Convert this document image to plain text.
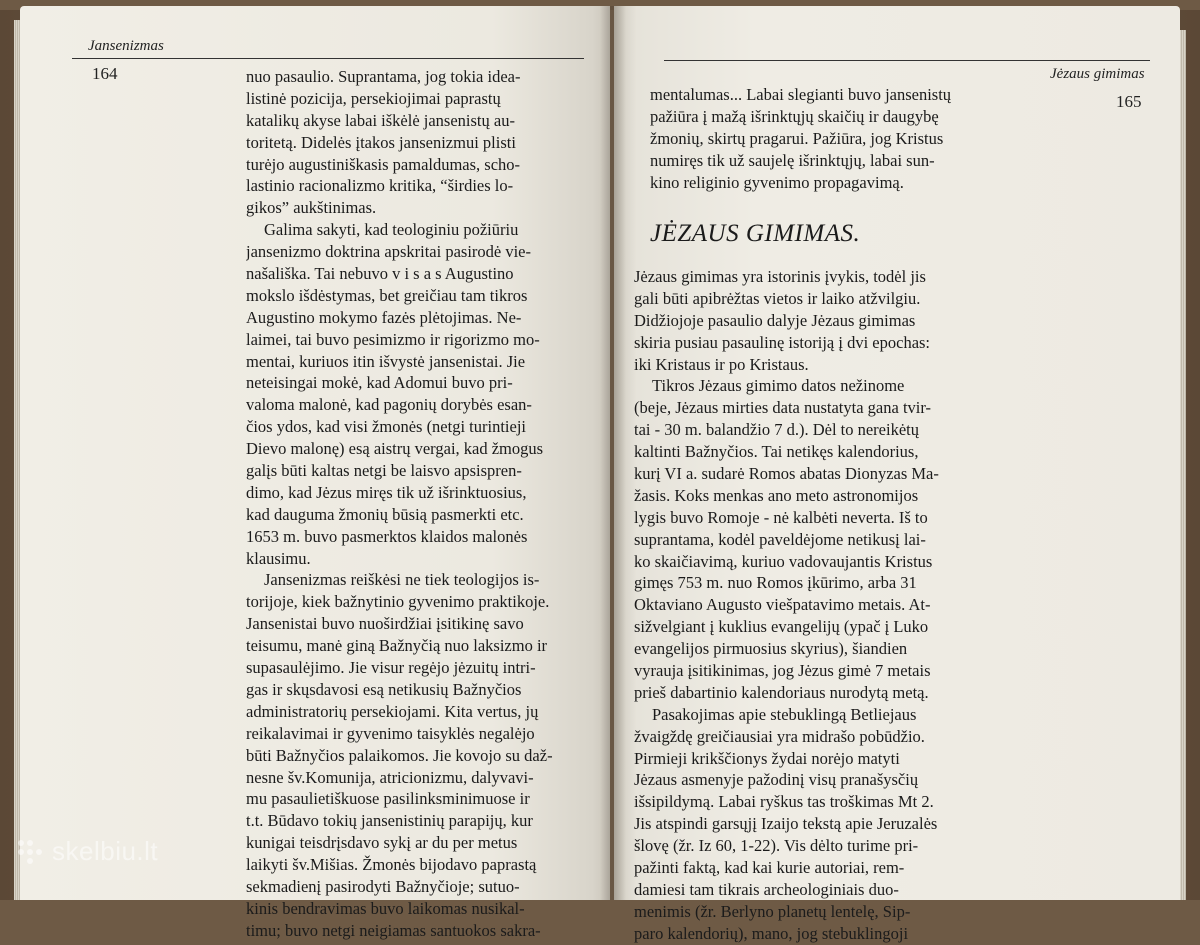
Jansenizmas
164	nuo pasaulio. Suprantama, jog tokia idea-
listinė pozicija, persekiojimai paprastų
katalikų akyse labai iškėlė jansenistų au-
toritetą. Didelės įtakos jansenizmui plisti
turėjo augustiniškasis pamaldumas, scho-
lastinio racionalizmo kritika, “širdies lo-
gikos” aukštinimas.
Galima sakyti, kad teologiniu požiūriu
jansenizmo doktrina apskritai pasirodė vie-
našališka. Tai nebuvo v i s a s Augustino
mokslo išdėstymas, bet greičiau tam tikros
Augustino mokymo fazės plėtojimas. Ne-
laimei, tai buvo pesimizmo ir rigorizmo mo-
mentai, kuriuos itin išvystė jansenistai. Jie
neteisingai mokė, kad Adomui buvo pri-
valoma malonė, kad pagonių dorybės esan-
čios ydos, kad visi žmonės (netgi turintieji
Dievo malonę) esą aistrų vergai, kad žmogus
galįs būti kaltas netgi be laisvo apsispren-
dimo, kad Jėzus miręs tik už išrinktuosius,
kad dauguma žmonių būsią pasmerkti etc.
1653 m. buvo pasmerktos klaidos malonės
klausimu.
Jansenizmas reiškėsi ne tiek teologijos is-
torijoje, kiek bažnytinio gyvenimo praktikoje.
Jansenistai buvo nuoširdžiai įsitikinę savo
teisumu, manė giną Bažnyčią nuo laksizmo ir
supasaulėjimo. Jie visur regėjo jėzuitų intri-
gas ir skųsdavosi esą netikusių Bažnyčios
administratorių persekiojami. Kita vertus, jų
reikalavimai ir gyvenimo taisyklės negalėjo
būti Bažnyčios palaikomos. Jie kovojo su daž-
nesne šv.Komunija, atricionizmu, dalyvavi-
mu pasaulietiškuose pasilinksminimuose ir
t.t. Būdavo tokių jansenistinių parapijų, kur
kunigai teisdrįsdavo sykį ar du per metus
laikyti šv.Mišias. Žmonės bijodavo paprastą
sekmadienį pasirodyti Bažnyčioje; sutuo-
kinis bendravimas buvo laikomas nusikal-
timu; buvo netgi neigiamas santuokos sakra-
Jėzaus gimimas
165
mentalumas... Labai slegianti buvo jansenistų
pažiūra į mažą išrinktųjų skaičių ir daugybę
žmonių, skirtų pragarui. Pažiūra, jog Kristus
numiręs tik už saujelę išrinktųjų, labai sun-
kino religinio gyvenimo propagavimą.
JĖZAUS GIMIMAS.
Jėzaus gimimas yra istorinis įvykis, todėl jis
gali būti apibrėžtas vietos ir laiko atžvilgiu.
Didžiojoje pasaulio dalyje Jėzaus gimimas
skiria pusiau pasaulinę istoriją į dvi epochas:
iki Kristaus ir po Kristaus.
Tikros Jėzaus gimimo datos nežinome
(beje, Jėzaus mirties data nustatyta gana tvir-
tai - 30 m. balandžio 7 d.). Dėl to nereikėtų
kaltinti Bažnyčios. Tai netikęs kalendorius,
kurį VI a. sudarė Romos abatas Dionyzas Ma-
žasis. Koks menkas ano meto astronomijos
lygis buvo Romoje - nė kalbėti neverta. Iš to
suprantama, kodėl paveldėjome netikusį lai-
ko skaičiavimą, kuriuo vadovaujantis Kristus
gimęs 753 m. nuo Romos įkūrimo, arba 31
Oktaviano Augusto viešpatavimo metais. At-
sižvelgiant į kuklius evangelijų (ypač į Luko
evangelijos pirmuosius skyrius), šiandien
vyrauja įsitikinimas, jog Jėzus gimė 7 metais
prieš dabartinio kalendoriaus nurodytą metą.
Pasakojimas apie stebuklingą Betliejaus
žvaigždę greičiausiai yra midrašo pobūdžio.
Pirmieji krikščionys žydai norėjo matyti
Jėzaus asmenyje pažodinį visų pranašysčių
išsipildymą. Labai ryškus tas troškimas Mt 2.
Jis atspindi garsųjį Izaijo tekstą apie Jeruzalės
šlovę (žr. Iz 60, 1-22). Vis dėlto turime pri-
pažinti faktą, kad kai kurie autoriai, rem-
damiesi tam tikrais archeologiniais duo-
menimis (žr. Berlyno planetų lentelę, Sip-
paro kalendorių), mano, jog stebuklingoji
skelbiu.lt
